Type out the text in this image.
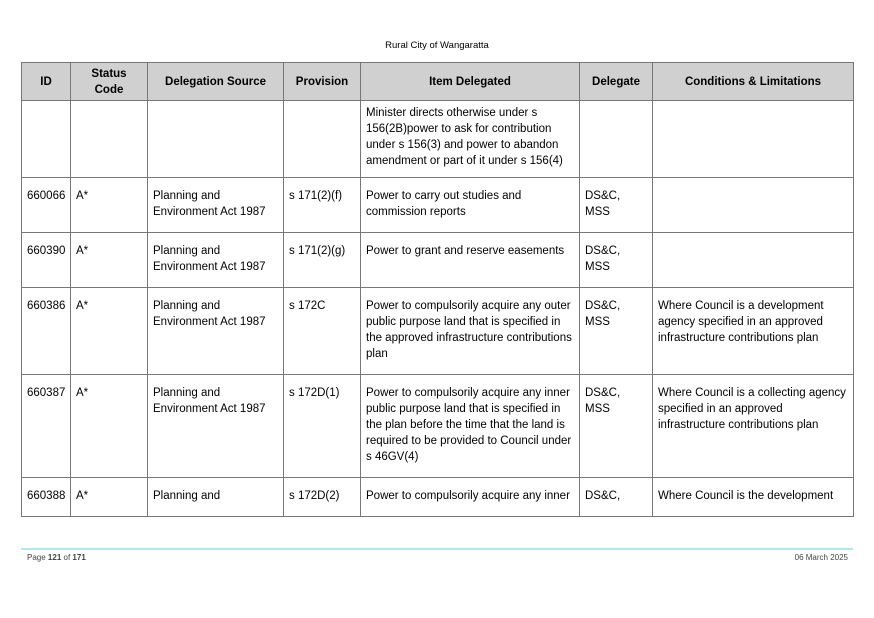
Rural City of Wangaratta
ID	Status Code	Delegation Source	Provision	Item Delegated	Delegate	Conditions & Limitations
				Minister directs otherwise under s 156(2B)power to ask for contribution under s 156(3) and power to abandon amendment or part of it under s 156(4)		
660066	A*	Planning and Environment Act 1987	s 171(2)(f)	Power to carry out studies and commission reports	DS&C, MSS	
660390	A*	Planning and Environment Act 1987	s 171(2)(g)	Power to grant and reserve easements	DS&C, MSS	
660386	A*	Planning and Environment Act 1987	s 172C	Power to compulsorily acquire any outer public purpose land that is specified in the approved infrastructure contributions plan	DS&C, MSS	Where Council is a development agency specified in an approved infrastructure contributions plan
660387	A*	Planning and Environment Act 1987	s 172D(1)	Power to compulsorily acquire any inner public purpose land that is specified in the plan before the time that the land is required to be provided to Council under s 46GV(4)	DS&C, MSS	Where Council is a collecting agency specified in an approved infrastructure contributions plan
660388	A*	Planning and	s 172D(2)	Power to compulsorily acquire any inner	DS&C,	Where Council is the development
Page 121 of 171	06 March 2025
